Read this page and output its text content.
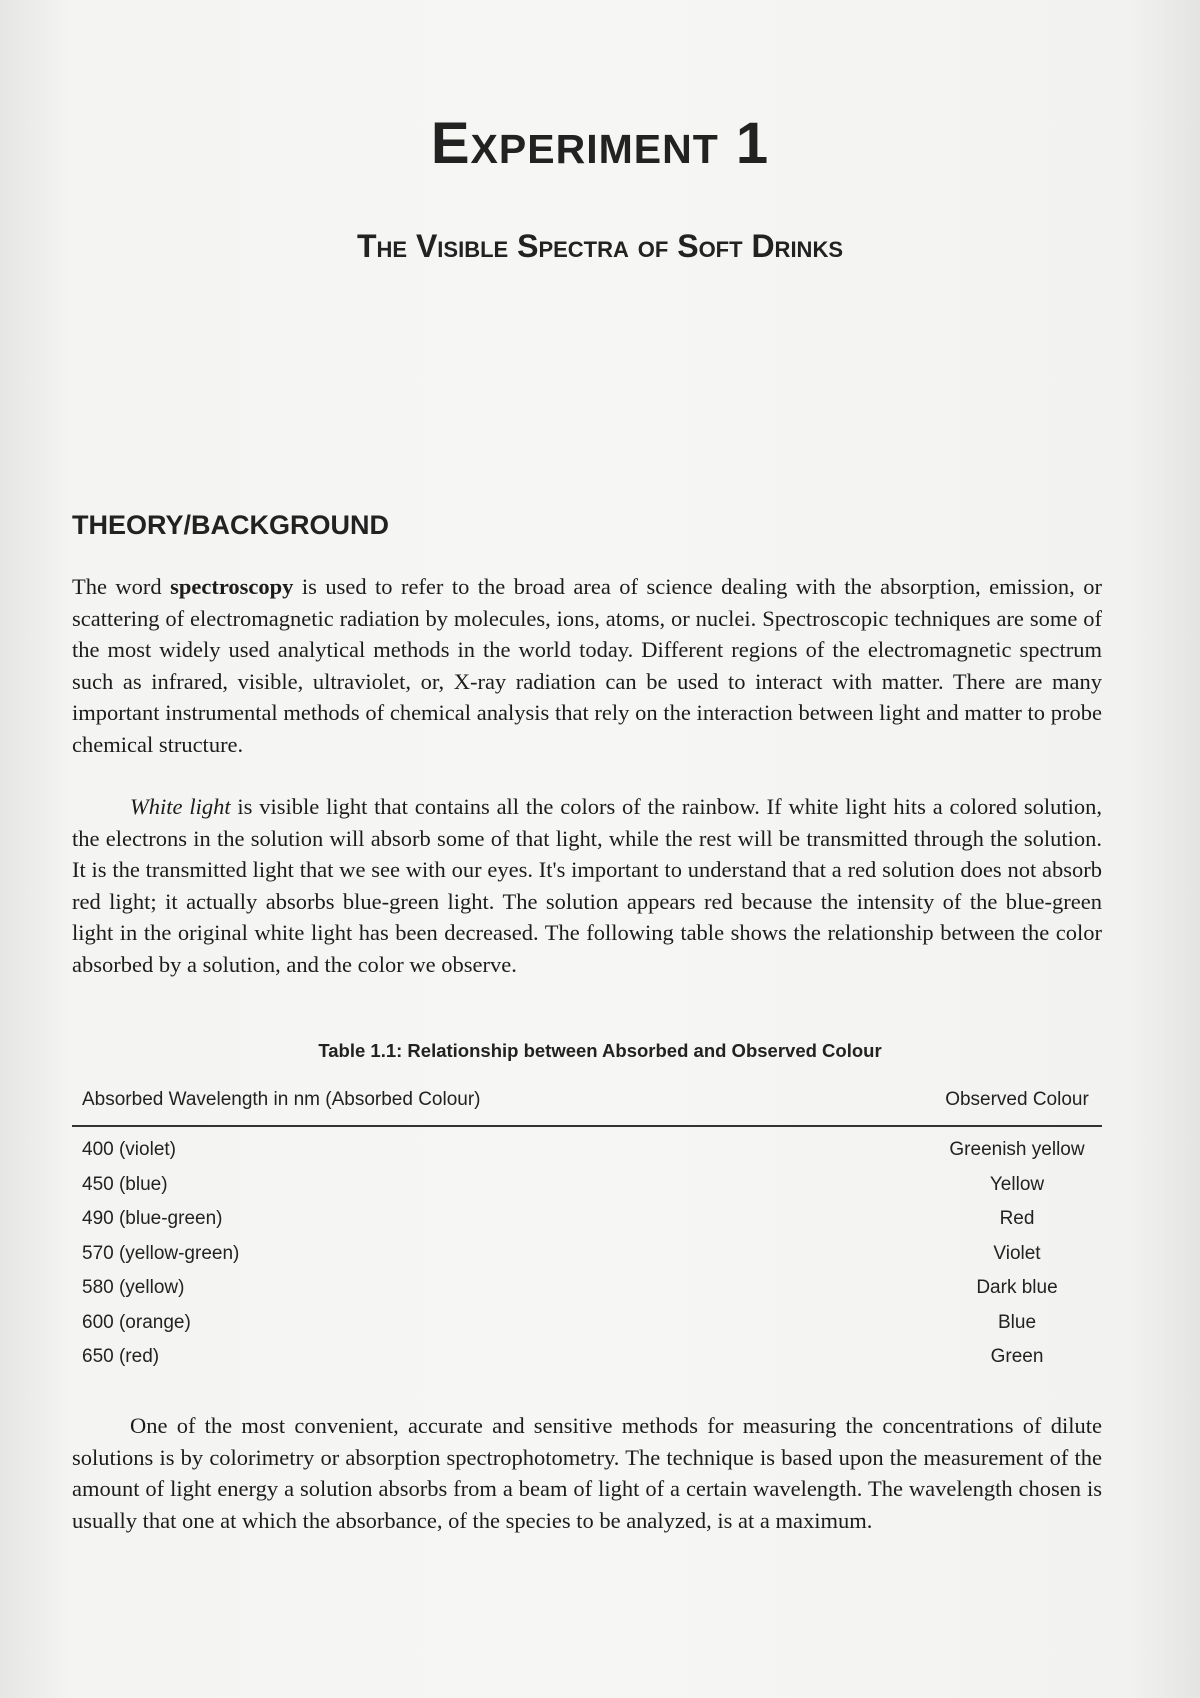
Experiment 1
The Visible Spectra of Soft Drinks
THEORY/BACKGROUND

The word spectroscopy is used to refer to the broad area of science dealing with the absorption, emission, or scattering of electromagnetic radiation by molecules, ions, atoms, or nuclei. Spectroscopic techniques are some of the most widely used analytical methods in the world today. Different regions of the electromagnetic spectrum such as infrared, visible, ultraviolet, or, X-ray radiation can be used to interact with matter. There are many important instrumental methods of chemical analysis that rely on the interaction between light and matter to probe chemical structure.

White light is visible light that contains all the colors of the rainbow. If white light hits a colored solution, the electrons in the solution will absorb some of that light, while the rest will be transmitted through the solution. It is the transmitted light that we see with our eyes. It's important to understand that a red solution does not absorb red light; it actually absorbs blue-green light. The solution appears red because the intensity of the blue-green light in the original white light has been decreased. The following table shows the relationship between the color absorbed by a solution, and the color we observe.

Table 1.1: Relationship between Absorbed and Observed Colour
Absorbed Wavelength in nm (Absorbed Colour)	Observed Colour
400 (violet)	Greenish yellow
450 (blue)	Yellow
490 (blue-green)	Red
570 (yellow-green)	Violet
580 (yellow)	Dark blue
600 (orange)	Blue
650 (red)	Green

One of the most convenient, accurate and sensitive methods for measuring the concentrations of dilute solutions is by colorimetry or absorption spectrophotometry. The technique is based upon the measurement of the amount of light energy a solution absorbs from a beam of light of a certain wavelength. The wavelength chosen is usually that one at which the absorbance, of the species to be analyzed, is at a maximum.
